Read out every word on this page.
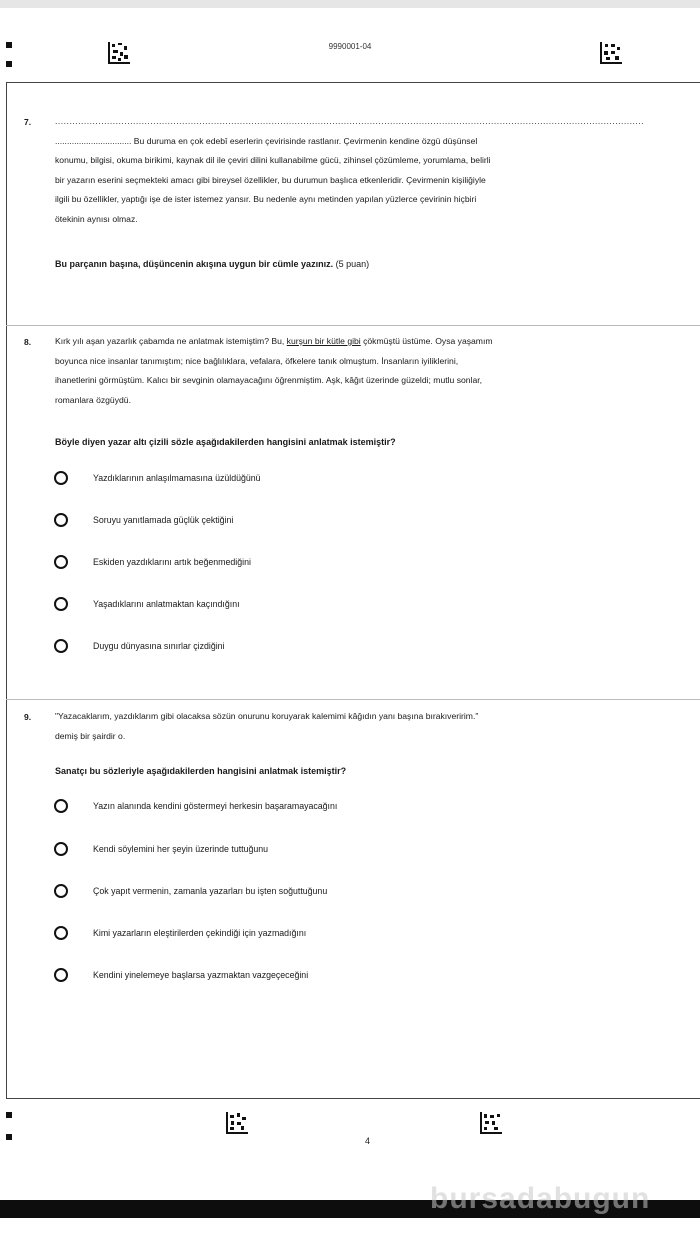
9990001-04
4
7.	............................................................................................................................................................................................................
................................ Bu duruma en çok edebî eserlerin çevirisinde rastlanır. Çevirmenin kendine özgü düşünsel
konumu, bilgisi, okuma birikimi, kaynak dil ile çeviri dilini kullanabilme gücü, zihinsel çözümleme, yorumlama, belirli
bir yazarın eserini seçmekteki amacı gibi bireysel özellikler, bu durumun başlıca etkenleridir. Çevirmenin kişiliğiyle
ilgili bu özellikler, yaptığı işe de ister istemez yansır. Bu nedenle aynı metinden yapılan yüzlerce çevirinin hiçbiri
ötekinin aynısı olmaz.
Bu parçanın başına, düşüncenin akışına uygun bir cümle yazınız. (5 puan)
8.	Kırk yılı aşan yazarlık çabamda ne anlatmak istemiştim? Bu, kurşun bir kütle gibi çökmüştü üstüme. Oysa yaşamım
boyunca nice insanlar tanımıştım; nice bağlılıklara, vefalara, öfkelere tanık olmuştum. İnsanların iyiliklerini,
ihanetlerini görmüştüm. Kalıcı bir sevginin olamayacağını öğrenmiştim. Aşk, kâğıt üzerinde güzeldi; mutlu sonlar,
romanlara özgüydü.
Böyle diyen yazar altı çizili sözle aşağıdakilerden hangisini anlatmak istemiştir?
Yazdıklarının anlaşılmamasına üzüldüğünü
Soruyu yanıtlamada güçlük çektiğini
Eskiden yazdıklarını artık beğenmediğini
Yaşadıklarını anlatmaktan kaçındığını
Duygu dünyasına sınırlar çizdiğini
9.	"Yazacaklarım, yazdıklarım gibi olacaksa sözün onurunu koruyarak kalemimi kâğıdın yanı başına bırakıveririm."
demiş bir şairdir o.
Sanatçı bu sözleriyle aşağıdakilerden hangisini anlatmak istemiştir?
Yazın alanında kendini göstermeyi herkesin başaramayacağını
Kendi söylemini her şeyin üzerinde tuttuğunu
Çok yapıt vermenin, zamanla yazarları bu işten soğuttuğunu
Kimi yazarların eleştirilerden çekindiği için yazmadığını
Kendini yinelemeye başlarsa yazmaktan vazgeçeceğini
bursadabugun
